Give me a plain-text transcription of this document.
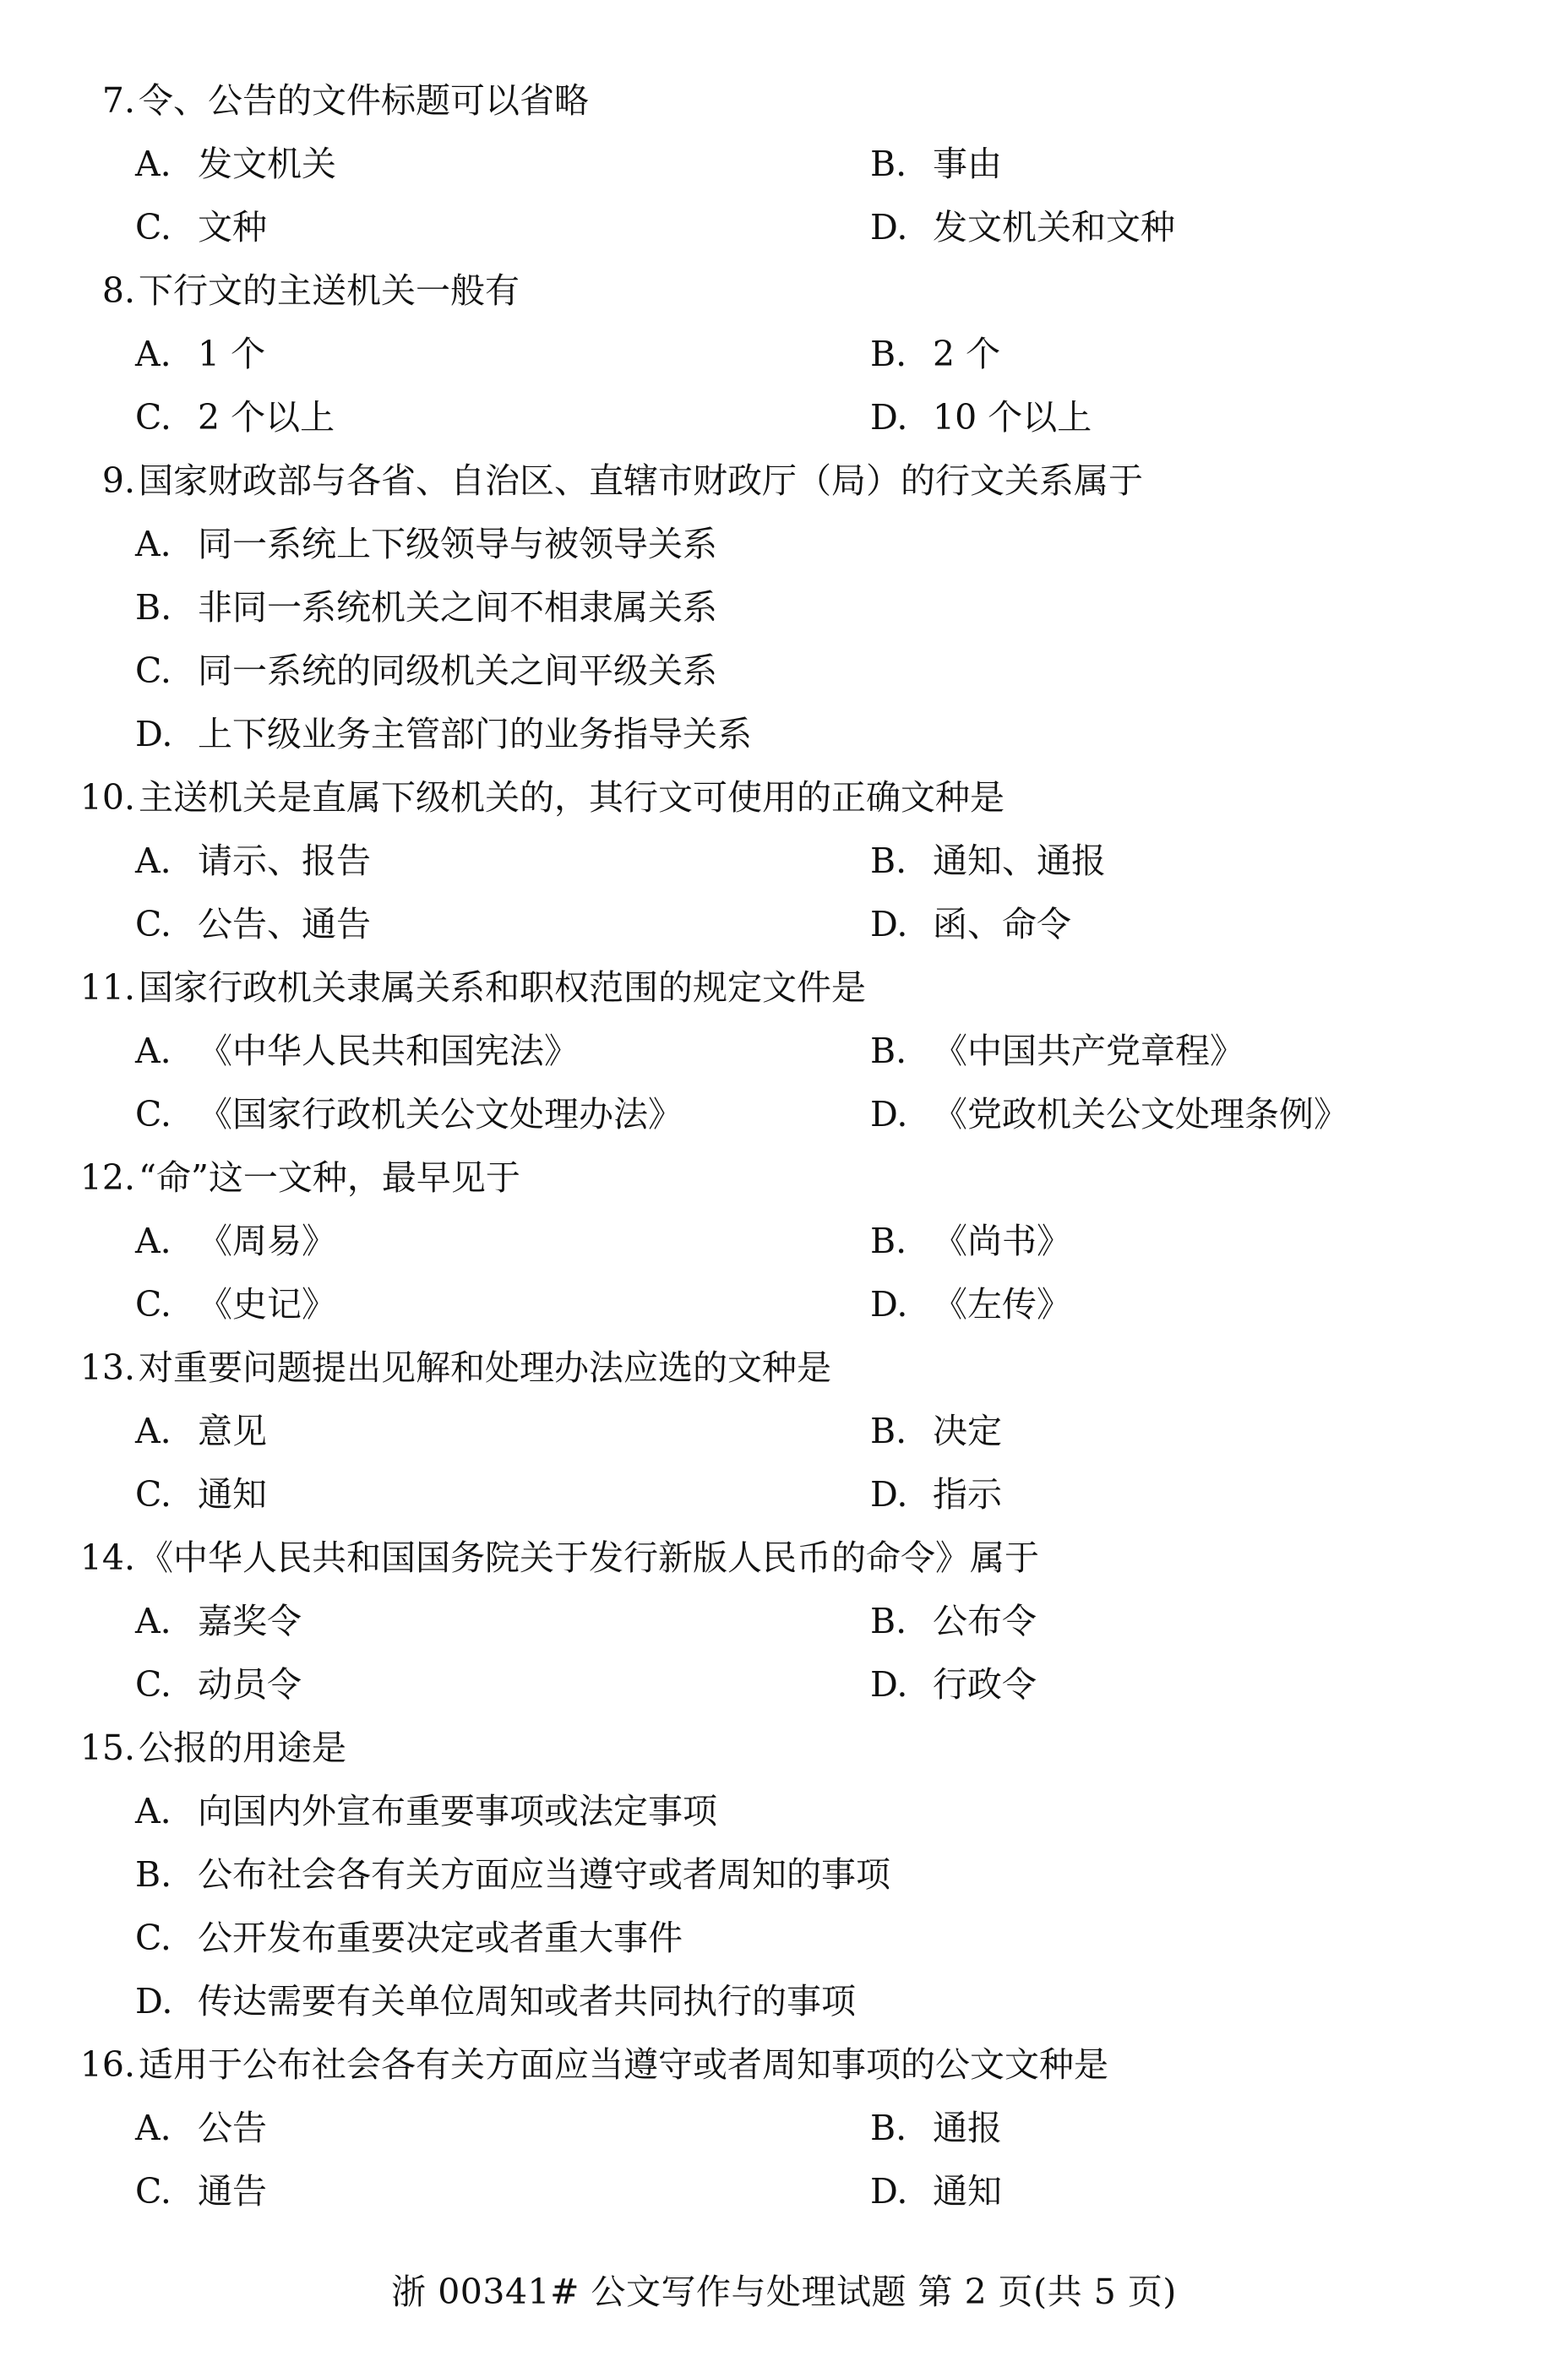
7. 令、公告的文件标题可以省略
A. 发文机关	B. 事由
C. 文种	D. 发文机关和文种
8. 下行文的主送机关一般有
A. 1 个	B. 2 个
C. 2 个以上	D. 10 个以上
9. 国家财政部与各省、自治区、直辖市财政厅（局）的行文关系属于
A. 同一系统上下级领导与被领导关系
B. 非同一系统机关之间不相隶属关系
C. 同一系统的同级机关之间平级关系
D. 上下级业务主管部门的业务指导关系
10. 主送机关是直属下级机关的，其行文可使用的正确文种是
A. 请示、报告	B. 通知、通报
C. 公告、通告	D. 函、命令
11. 国家行政机关隶属关系和职权范围的规定文件是
A. 《中华人民共和国宪法》	B. 《中国共产党章程》
C. 《国家行政机关公文处理办法》	D. 《党政机关公文处理条例》
12. “命”这一文种，最早见于
A. 《周易》	B. 《尚书》
C. 《史记》	D. 《左传》
13. 对重要问题提出见解和处理办法应选的文种是
A. 意见	B. 决定
C. 通知	D. 指示
14. 《中华人民共和国国务院关于发行新版人民币的命令》属于
A. 嘉奖令	B. 公布令
C. 动员令	D. 行政令
15. 公报的用途是
A. 向国内外宣布重要事项或法定事项
B. 公布社会各有关方面应当遵守或者周知的事项
C. 公开发布重要决定或者重大事件
D. 传达需要有关单位周知或者共同执行的事项
16. 适用于公布社会各有关方面应当遵守或者周知事项的公文文种是
A. 公告	B. 通报
C. 通告	D. 通知
浙 00341# 公文写作与处理试题 第 2 页(共 5 页)
